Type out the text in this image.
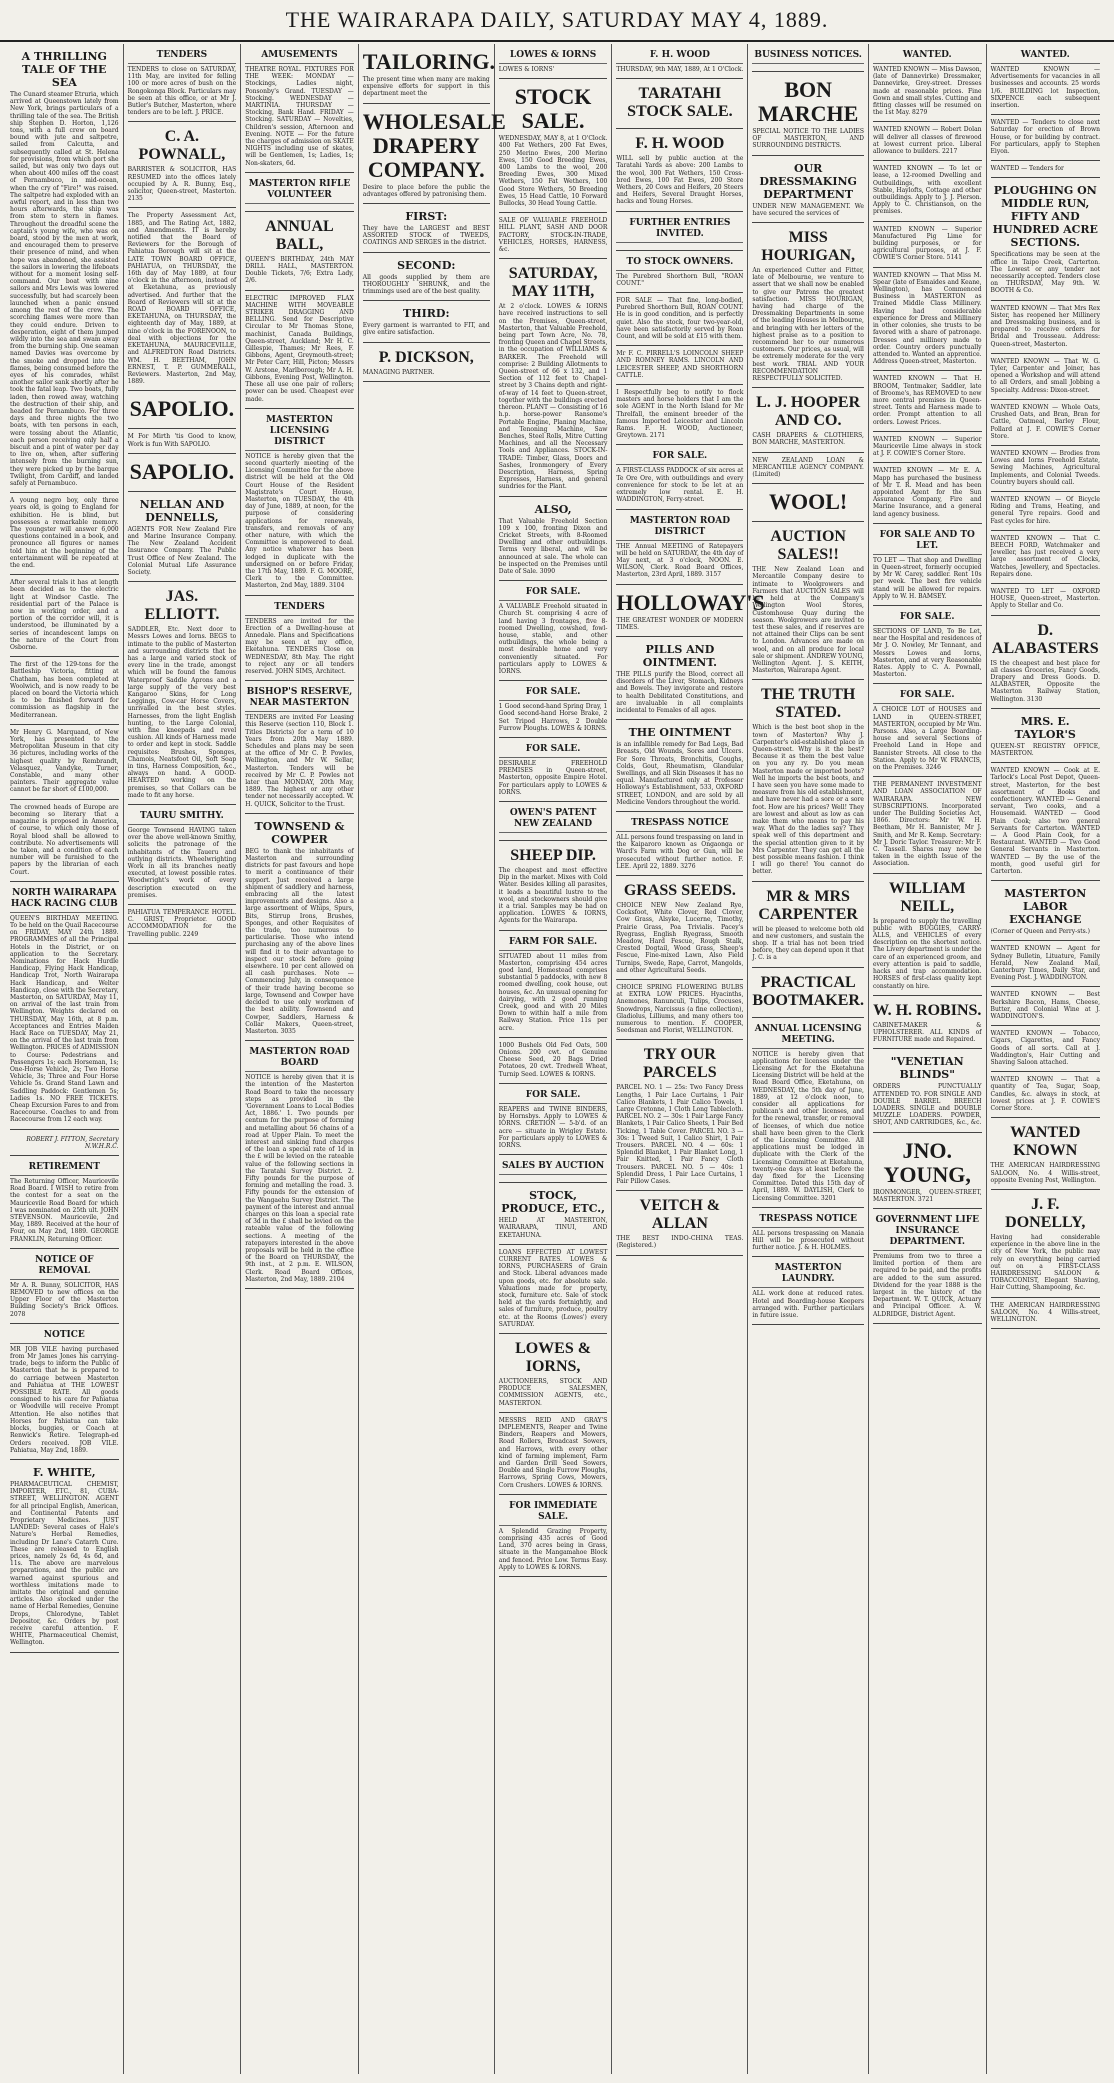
THE WAIRARAPA DAILY, SATURDAY MAY 4, 1889.
A THRILLING TALE OF THE SEA
The Cunard steamer Etruria, which arrived at Queenstown lately from New York, brings particulars of a thrilling tale of the sea. The British ship Stephen D. Horton, 1,126 tons, with a full crew on board bound with jute and saltpetre, sailed from Calcutta, and subsequently called at St. Helena for provisions, from which port she sailed, but was only two days out when about 400 miles off the coast of Pernambuco, in mid-ocean, when the cry of "Fire!" was raised. The saltpetre had exploded with an awful report, and in less than two hours afterwards, the ship was from stem to stern in flames. Throughout the dreadful scene the captain's young wife, who was on board, stood by the men at work, and encouraged them to preserve their presence of mind, and when hope was abandoned, she assisted the sailors in lowering the lifeboats without for a moment losing self-command. Our boat with nine sailors and Mrs Lewis was lowered successfully, but had scarcely been launched when a panic ensued among the rest of the crew. The scorching flames were more than they could endure. Driven to desperation, eight of them jumped wildly into the sea and swam away from the burning ship. One seaman named Davies was overcome by the smoke and dropped into the flames, being consumed before the eyes of his comrades, whilst another sailor sank shortly after he took the fatal leap. Two boats, fully laden, then rowed away, watching the destruction of their ship, and headed for Pernambuco. For three days and three nights the two boats, with ten persons in each, were tossing about the Atlantic, each person receiving only half a biscuit and a pint of water per day to live on, when, after suffering intensely from the burning sun, they were picked up by the barque Twilight, from Cardiff, and landed safely at Pernambuco.
A young negro boy, only three years old, is going to England for exhibition. He is blind, but possesses a remarkable memory. The youngster will answer 6,000 questions contained in a book, and pronounce all figures or names told him at the beginning of the entertainment will be repeated at the end.
After several trials it has at length been decided as to the electric light at Windsor Castle. The residential part of the Palace is now in working order, and a portion of the corridor will, it is understood, be illuminated by a series of incandescent lamps on the nature of the Court from Osborne.
The first of the 129-tons for the Battleship Victoria, fitting at Chatham, has been completed at Woolwich, and is now ready to be placed on board the Victoria which is to be finished forward for commission as flagship in the Mediterranean.
Mr Henry G. Marquand, of New York, has presented to the Metropolitan Museum in that city 36 pictures, including works of the highest quality by Rembrandt, Velasquez, Vandyke, Turner, Constable, and many other painters. Their aggregate value cannot be far short of £100,000.
The crowned heads of Europe are becoming so literary that a magazine is proposed in America, of course, to which only those of Royal blood shall be allowed to contribute. No advertisements will be taken, and a condition of each number will be furnished to the papers by the librarian of each Court.
NORTH WAIRARAPA HACK RACING CLUB
QUEEN'S BIRTHDAY MEETING. To be held on the Quail Racecourse on FRIDAY, MAY 24th 1889. PROGRAMMES of all the Principal Hotels in the District, or on application to the Secretary. Nominations for Hack Hurdle Handicap, Flying Hack Handicap, Handicap Trot, North Wairarapa Hack Handicap, and Welter Handicap, close with the Secretary, Masterton, on SATURDAY, May 11, on arrival of the last train from Wellington. Weights declared on THURSDAY, May 16th, at 8 p.m. Acceptances and Entries Maiden Hack Race on TUESDAY, May 21, on the arrival of the last train from Wellington. PRICES of ADMISSION to Course: Pedestrians and Passengers 1s; each Horseman, 1s; One-Horse Vehicle, 2s; Two Horse Vehicle, 3s; Three and Four Horse Vehicle 5s. Grand Stand Lawn and Saddling Paddock: Gentlemen 5s; Ladies 1s. NO FREE TICKETS. Cheap Excursion Fares to and from Racecourse. Coaches to and from Racecourse from 12 each way.
ROBERT J. FITTON, Secretary N.W.H.R.C.
RETIREMENT
The Returning Officer, Mauricevile Road Board. I WISH to retire from the contest for a seat on the Mauricevile Road Board for which I was nominated on 25th ult. JOHN STEVENSON. Mauricevile, 2nd May, 1889. Received at the hour of Four, on May 2nd, 1889. GEORGE FRANKLIN, Returning Officer.
NOTICE OF REMOVAL
Mr A. R. Bunny, SOLICITOR, HAS REMOVED to new offices on the Upper Floor of the Masterton Building Society's Brick Offices. 2078
NOTICE
MR JOB VILE having purchased from Mr James Jones his carrying-trade, begs to inform the Public of Masterton that he is prepared to do carriage between Masterton and Pahiatua at THE LOWEST POSSIBLE RATE. All goods consigned to his care for Pahiatua or Woodville will receive Prompt Attention. He also notifies that Horses for Pahiatua can take blocks, buggies, or Coach at Renwick's Retire. Telegraph-ed Orders received. JOB VILE. Pahiatua, May 2nd, 1889.
F. WHITE,
PHARMACEUTICAL CHEMIST, IMPORTER, ETC., 81, CUBA-STREET, WELLINGTON. AGENT for all principal English, American, and Continental Patents and Proprietary Medicines. JUST LANDED: Several cases of Hale's Nature's Herbal Remedies, including Dr Lane's Catarrh Cure. These are released to English prices, namely 2s 6d, 4s 6d, and 11s. The above are marvelous preparations, and the public are warned against spurious and worthless imitations made to imitate the original and genuine articles. Also stocked under the name of Herbal Remedies, Genuine Drops, Chlorodyne, Tablet Depositor, &c. Orders by post receive careful attention. F. WHITE, Pharmaceutical Chemist, Wellington.
TENDERS
TENDERS to close on SATURDAY, 11th May, are invited for felling 100 or more acres of bush on the Rongokonga Block. Particulars may be seen at this office, or at Mr J. Butler's Butcher, Masterton, where tenders are to be left. J. PRICE.
C. A. POWNALL,
BARRISTER & SOLICITOR, HAS RESUMED into the offices lately occupied by A. R. Bunny, Esq., solicitor, Queen-street, Masterton. 2135
The Property Assessment Act, 1885, and The Rating Act, 1882, and Amendments. IT is hereby notified that the Board of Reviewers for the Borough of Pahiatua Borough will sit at the LATE TOWN BOARD OFFICE, PAHIATUA, on THURSDAY, the 16th day of May 1889, at four o'clock in the afternoon, instead of at Eketahuna, as previously advertised. And further that the Board of Reviewers will sit at the ROAD BOARD OFFICE, EKETAHUNA, on THURSDAY, the eighteenth day of May, 1889, at nine o'clock in the FORENOON, to deal with objections for the EKETAHUNA, MAURICEVILLE, and ALFREDTON Road Districts. WM. H. BEETHAM, JOHN ERNEST, T. P. GUMMERALL, Reviewers. Masterton, 2nd May, 1889.
SAPOLIO.
M For Mirth 'tis Good to know, Work is fun With SAPOLIO.
SAPOLIO.
NELLAN AND DENNELLS,
AGENTS FOR New Zealand Fire and Marine Insurance Company. The New Zealand Accident Insurance Company. The Public Trust Office of New Zealand. The Colonial Mutual Life Assurance Society.
JAS. ELLIOTT.
SADDLER, Etc. Next door to Messrs Lowes and Iorns. BEGS to intimate to the public of Masterton and surrounding districts that he has a large and varied stock of every line in the trade, amongst which will be found the famous Waterproof Saddle Aprons and a large supply of the very best Kangaroo Skins, for Long Leggings, Cow-car Horse Covers, unrivalled in the best styles. Harnesses, from the light English hunting, to the Large Colonial, with fine kneepads and revel cushion. All kinds of Harness made to order and kept in stock. Saddle requisites: Brushes, Sponges, Chamois, Neatsfoot Oil, Soft Soap in tins, Harness Composition, &c., always on hand. A GOOD-HEARTED working on the premises, so that Collars can be made to fit any horse.
TAURU SMITHY.
George Townsend HAVING taken over the above well-known Smithy, solicits the patronage of the inhabitants of the Taueru and outlying districts. Wheelwrighting Work in all its branches neatly executed, at lowest possible rates. Woodwright's work of every description executed on the premises.
PAHIATUA TEMPERANCE HOTEL. C. GRIST, Proprietor. GOOD ACCOMMODATION for the Travelling public. 2249
AMUSEMENTS
THEATRE ROYAL. FIXTURES FOR THE WEEK: MONDAY — Stockings, Ladies night, Ponsonby's Grand. TUESDAY — Stocking. WEDNESDAY — MARTINIA. THURSDAY — Stocking, Bank Hand. FRIDAY — Stocking. SATURDAY — Novelties, Children's session, Afternoon and Evening. NOTE — For the future the charges of admission on SKATE NIGHTS including use of skates, will be Gentlemen, 1s; Ladies, 1s; Non-skaters, 6d.
MASTERTON RIFLE VOLUNTEER
ANNUAL BALL,
QUEEN'S BIRTHDAY, 24th MAY DRILL HALL, MASTERTON. Double Tickets, 7/6; Extra Lady, 2/6.
ELECTRIC IMPROVED FLAX MACHINE WITH MOVEABLE STRIKER DRAGGING AND BELLING. Send for Descriptive Circular to Mr Thomas Stone, machinist, Canada Buildings, Queen-street, Auckland; Mr H. C. Gillespie, Thames; Mr Rees, F. Gibbons, Agent, Greymouth-street; Mr Peter Carr, Hill, Picton; Messrs W. Arstone, Marlborough; Mr A. H. Gibbons, Evening Post, Wellington. These all use one pair of rollers; power can be used. Cheapest ever made.
MASTERTON LICENSING DISTRICT
NOTICE is hereby given that the second quarterly meeting of the Licensing Committee for the above district will be held at the Old Court House of the Resident Magistrate's Court House, Masterton, on TUESDAY, the 4th day of June, 1889, at noon, for the purpose of considering applications for renewals, transfers, and removals of any other nature, with which the Committee is empowered to deal. Any notice whatever has been lodged in duplicate with the undersigned on or before Friday, the 17th May, 1889. F. G. MOORE, Clerk to the Committee. Masterton, 2nd May, 1889. 3104
TENDERS
TENDERS are invited for the Erection of a Dwelling-house at Annedale. Plans and Specifications may be seen at my office, Eketahuna. TENDERS Close on WEDNESDAY, 8th May. The right to reject any or all tenders reserved. JOHN SIMS, Architect.
BISHOP'S RESERVE, NEAR MASTERTON
TENDERS are invited For Leasing this Reserve (section 110, Block 1. Titles Districts) for a term of 10 Years from 20th May 1889. Schedules and plans may be seen at the office of Mr C. P. Powles, Wellington, and Mr W. Sellar, Masterton. Tenders will be received by Mr C. P. Powles not later than MONDAY, 20th May, 1889. The highest or any other tender not necessarily accepted. W. H. QUICK, Solicitor to the Trust.
TOWNSEND & COWPER
BEG to thank the inhabitants of Masterton and surrounding districts for past favours and hope to merit a continuance of their support. Just received a large shipment of saddlery and harness, embracing all the latest improvements and designs. Also a large assortment of Whips, Spurs, Bits, Stirrup Irons, Brushes, Sponges, and other Requisites of the trade, too numerous to particularise. Those who intend purchasing any of the above lines will find it to their advantage to inspect our stock before going elsewhere. 10 per cent allowed on all cash purchases. Note — Commencing July, in consequence of their trade having become so large, Townsend and Cowper have decided to use only workmen of the best ability. Townsend and Cowper, Saddlers, Harness & Collar Makers, Queen-street, Masterton. 3035
MASTERTON ROAD BOARD
NOTICE is hereby given that it is the intention of the Masterton Road Board to take the necessary steps as provided in the 'Government Loans to Local Bodies Act, 1886.' 1. Two pounds per centum for the purpose of forming and metalling about 56 chains of a road at Upper Plain. To meet the interest and sinking fund charges of the loan a special rate of 1d in the £ will be levied on the rateable value of the following sections in the Taratahi Survey District. 2. Fifty pounds for the purpose of forming and metalling the road. 3. Fifty pounds for the extension of the Wangaehu Survey District. The payment of the interest and annual charges on this loan a special rate of 3d in the £ shall be levied on the rateable value of the following sections. A meeting of the ratepayers interested in the above proposals will be held in the office of the Board on THURSDAY, the 9th inst., at 2 p.m. E. WILSON, Clerk. Road Board Offices, Masterton, 2nd May, 1889. 2104
TAILORING.
The present time when many are making expensive efforts for support in this department meet the
WHOLESALE DRAPERY COMPANY.
Desire to place before the public the advantages offered by patronising them.
FIRST:
They have the LARGEST and BEST ASSORTED STOCK of TWEEDS, COATINGS AND SERGES in the district.
SECOND:
All goods supplied by them are THOROUGHLY SHRUNK, and the trimmings used are of the best quality.
THIRD:
Every garment is warranted to FIT, and give entire satisfaction.
P. DICKSON,
MANAGING PARTNER.
LOWES & IORNS
LOWES & IORNS'
STOCK SALE.
WEDNESDAY, MAY 8, at 1 O'Clock. 400 Fat Wethers, 200 Fat Ewes, 250 Merino Ewes, 200 Merino Ewes, 150 Good Breeding Ewes, 400 Lambs to the wool, 200 Breeding Ewes, 300 Mixed Wethers, 150 Fat Wethers, 100 Good Store Wethers, 50 Breeding Ewes, 15 Head Cattle, 10 Forward Bullocks, 30 Head Young Cattle.
SALE OF VALUABLE FREEHOLD HILL PLANT, SASH AND DOOR FACTORY, STOCK-IN-TRADE, VEHICLES, HORSES, HARNESS, &c.
SATURDAY, MAY 11TH,
At 2 o'clock. LOWES & IORNS have received instructions to sell on the Premises, Queen-street, Masterton, that Valuable Freehold, being part Town Acre, No. 78, fronting Queen and Chapel Streets, in the occupation of WILLIAMS & BARKER. The Freehold will comprise: 2 Building Allotments to Queen-street of 66 x 132, and 1 Section of 112 feet to Chapel-street by 3 Chains depth and right-of-way of 14 feet to Queen-street, together with the buildings erected thereon. PLANT — Consisting of 16 h.p. horse-power Ransome's Portable Engine, Planing Machine, and Tenoning Machine, Saw Benches, Steel Rolls, Mitre Cutting Machines, and all the Necessary Tools and Appliances. STOCK-IN-TRADE: Timber, Glass, Doors and Sashes, Ironmongery of Every Description, Harness, Spring Expresses, Harness, and general sundries for the Plant.
ALSO,
That Valuable Freehold Section 109 x 100, fronting Dixon and Cricket Streets, with 8-Roomed Dwelling and other outbuildings. Terms very liberal, and will be announced at sale. The whole can be inspected on the Premises until Date of Sale. 3090
FOR SALE.
A VALUABLE Freehold situated in Church St. comprising 4 acre of land having 3 frontages, five 8-roomed Dwelling, cowshed, fowl-house, stable, and other outbuildings, the whole being a most desirable home and very conveniently situated. For particulars apply to LOWES & IORNS.
FOR SALE.
1 Good second-hand Spring Dray, 1 Good second-hand Horse Brake, 2 Set Tripod Harrows, 2 Double Furrow Ploughs. LOWES & IORNS.
FOR SALE.
DESIRABLE FREEHOLD PREMISES in Queen-street, Masterton, opposite Empire Hotel. For particulars apply to LOWES & IORNS.
OWEN'S PATENT NEW ZEALAND
SHEEP DIP.
The cheapest and most effective Dip in the market. Mixes with Cold Water. Besides killing all parasites, it leads a beautiful lustre to the wool, and stockowners should give it a trial. Samples may be had on application. LOWES & IORNS, Agents for the Wairarapa.
FARM FOR SALE.
SITUATED about 11 miles from Masterton, comprising 454 acres good land, Homestead comprises substantial 5 paddocks, with new 8 roomed dwelling, cook house, out houses, &c. An unusual opening for dairying, with 2 good running Creek, good and with 20 Miles Down to within half a mile from Railway Station. Price 11s per acre.
1000 Bushels Old Fed Oats, 500 Onions. 200 cwt. of Genuine Cheese Seed, 20 Bags Dried Potatoes, 20 cwt. Tredwell Wheat, Turnip Seed. LOWES & IORNS.
FOR SALE.
REAPERS and TWINE BINDERS, by Hornsbys. Apply to LOWES & IORNS. CRETION — 5-b'd. of an acre — situate in Wrigley Estate. For particulars apply to LOWES & IORNS.
SALES BY AUCTION
STOCK, PRODUCE, ETC.,
HELD AT MASTERTON, WAIRARAPA, TINUI, AND EKETAHUNA.
LOANS EFFECTED AT LOWEST CURRENT RATES. LOWES & IORNS, PURCHASERS of Grain and Stock. Liberal advances made upon goods, etc. for absolute sale. Valuations made for property, stock, furniture etc. Sale of stock held at the yards fortnightly, and sales of furniture, produce, poultry etc. at the Rooms (Lowes') every SATURDAY.
LOWES & IORNS,
AUCTIONEERS, STOCK AND PRODUCE SALESMEN, COMMISSION AGENTS, etc., MASTERTON.
MESSRS REID AND GRAY'S IMPLEMENTS, Reaper and Twine Binders, Reapers and Mowers, Road Rollers, Broadcast Sowers, and Harrows, with every other kind of farming implement, Farm and Garden Drill Seed Sowers, Double and Single Furrow Ploughs, Harrows, Spring Cows, Mowers, Corn Crushers. LOWES & IORNS.
FOR IMMEDIATE SALE.
A Splendid Grazing Property, comprising 435 acres of Good Land, 370 acres being in Grass, situate in the Mangamahoe Block and fenced. Price Low. Terms Easy. Apply to LOWES & IORNS.
F. H. WOOD
THURSDAY, 9th MAY, 1889, At 1 O'Clock.
TARATAHI STOCK SALE.
F. H. WOOD
WILL sell by public auction at the Taratahi Yards as above: 200 Lambs to the wool, 300 Fat Wethers, 150 Cross-bred Ewes, 100 Fat Ewes, 200 Store Wethers, 20 Cows and Heifers, 20 Steers and Heifers, Several Draught Horses, hacks and Young Horses.
FURTHER ENTRIES INVITED.
TO STOCK OWNERS.
The Purebred Shorthorn Bull, "ROAN COUNT."
FOR SALE — That fine, long-bodied, Purebred Shorthorn Bull, ROAN COUNT. He is in good condition, and is perfectly quiet. Also the stock, four two-year-old, have been satisfactorily served by Roan Count, and will be sold at £15 with them.
Mr F. C. PIRRELL'S LOINCOLN SHEEP AND ROMNEY RAMS. LINCOLN AND LEICESTER SHEEP, AND SHORTHORN CATTLE.
I Respectfully beg to notify to flock masters and horse holders that I am the sole AGENT in the North Island for Mr Threlfall, the eminent breeder of the famous Imported Leicester and Lincoln Rams. F. H. WOOD, Auctioneer, Greytown. 2171
FOR SALE.
A FIRST-CLASS PADDOCK of six acres at Te Ore Ore, with outbuildings and every convenience for stock to be let at an extremely low rental. E. H. WADDINGTON, Ferry-street.
MASTERTON ROAD DISTRICT
THE Annual MEETING of Ratepayers will be held on SATURDAY, the 4th day of May next, at 3 o'clock, NOON. E. WILSON, Clerk. Road Board Offices, Masterton, 23rd April, 1889. 3157
HOLLOWAY'S
THE GREATEST WONDER OF MODERN TIMES.
PILLS AND OINTMENT.
THE PILLS purify the Blood, correct all disorders of the Liver, Stomach, Kidneys and Bowels. They invigorate and restore to health Debilitated Constitutions, and are invaluable in all complaints incidental to Females of all ages.
THE OINTMENT
is an infallible remedy for Bad Legs, Bad Breasts, Old Wounds, Sores and Ulcers. For Sore Throats, Bronchitis, Coughs, Colds, Gout, Rheumatism, Glandular Swellings, and all Skin Diseases it has no equal. Manufactured only at Professor Holloway's Establishment, 533, OXFORD STREET, LONDON, and are sold by all Medicine Vendors throughout the world.
TRESPASS NOTICE
ALL persons found trespassing on land in the Kaiparoro known as Ongaonga or Ward's Farm with Dog or Gun, will be prosecuted without further notice. F. LEE. April 22, 1889. 3276
GRASS SEEDS.
CHOICE NEW New Zealand Rye, Cocksfoot, White Clover, Red Clover, Cow Grass, Alsyke, Lucerne, Timothy, Prairie Grass, Poa Trivialis. Pacey's Ryegrass, English Ryegrass, Smooth Meadow, Hard Fescue, Rough Stalk, Crested Dogtail, Wood Grass, Sheep's Fescue, Fine-mixed Lawn, Also Field Turnips, Swede, Rape, Carrot, Mangolds, and other Agricultural Seeds.
CHOICE SPRING FLOWERING BULBS at EXTRA LOW PRICES. Hyacinths, Anemones, Ranunculi, Tulips, Crocuses, Snowdrops, Narcissus (a fine collection), Gladiolus, Lilliums, and many others too numerous to mention. F. COOPER, Seedsman and Florist, WELLINGTON.
TRY OUR PARCELS
PARCEL NO. 1 — 25s: Two Fancy Dress Lengths, 1 Pair Lace Curtains, 1 Pair Calico Blankets, 1 Pair Calico Towels, 1 Large Cretonne, 1 Cloth Long Tablecloth. PARCEL NO. 2 — 30s: 1 Pair Large Fancy Blankets, 1 Pair Calico Sheets, 1 Pair Bed Ticking, 1 Table Cover. PARCEL NO. 3 — 30s: 1 Tweed Suit, 1 Calico Shirt, 1 Pair Trousers. PARCEL NO. 4 — 60s: 1 Splendid Blanket, 1 Pair Blanket Long, 1 Pair Knitted, 1 Pair Fancy Cloth Trousers. PARCEL NO. 5 — 40s: 1 Splendid Dress, 1 Pair Lace Curtains, 1 Pair Pillow Cases.
VEITCH & ALLAN
THE BEST INDO-CHINA TEAS. (Registered.)
BUSINESS NOTICES.
BON MARCHE
SPECIAL NOTICE TO THE LADIES OF MASTERTON, AND SURROUNDING DISTRICTS.
OUR DRESSMAKING DEPARTMENT
UNDER NEW MANAGEMENT. We have secured the services of
MISS HOURIGAN,
An experienced Cutter and Fitter, late of Melbourne, we venture to assert that we shall now be enabled to give our Patrons the greatest satisfaction. MISS HOURIGAN, having had charge of the Dressmaking Departments in some of the leading Houses in Melbourne, and bringing with her letters of the highest praise as to a position to recommend her to our numerous customers. Our prices, as usual, will be extremely moderate for the very best work. TRIAL AND YOUR RECOMMENDATION RESPECTFULLY SOLICITED.
L. J. HOOPER AND CO.
CASH DRAPERS & CLOTHIERS, BON MARCHE, MASTERTON.
NEW ZEALAND LOAN & MERCANTILE AGENCY COMPANY. (Limited)
WOOL!
AUCTION SALES!!
THE New Zealand Loan and Mercantile Company desire to intimate to Woolgrowers and Farmers that AUCTION SALES will be held at the Company's Wellington Wool Stores, Customhouse Quay during the season. Woolgrowers are invited to test these sales, and if reserves are not attained their Clips can be sent to London. Advances are made on wool, and on all produce for local sale or shipment. ANDREW YOUNG, Wellington Agent. J. S. KEITH, Masterton, Wairarapa Agent.
THE TRUTH STATED.
Which is the best boot shop in the town of Masterton? Why J. Carpenter's old-established place in Queen-street. Why is it the best? Because it as them the best value on you any ry. Do you mean Masterton made or imported boots? Well he imports the best boots, and I have seen you have some made to measure from his old establishment, and have never had a sore or a sore foot. How are his prices? Well! They are lowest and about as low as can make them who means to pay his way. What do the ladies say? They speak well of this department and the special attention given to it by Mrs Carpenter. They can get all the best possible means fashion. I think I will go there! You cannot do better.
MR & MRS CARPENTER
will be pleased to welcome both old and new customers, and sustain the shop. If a trial has not been tried before, they can depend upon it that J. C. is a
PRACTICAL BOOTMAKER.
ANNUAL LICENSING MEETING.
NOTICE is hereby given that applications for licenses under the Licensing Act for the Eketahuna Licensing District will be held at the Road Board Office, Eketahuna, on WEDNESDAY, the 5th day of June, 1889, at 12 o'clock noon, to consider all applications for publican's and other licenses, and for the renewal, transfer, or removal of licenses, of which due notice shall have been given to the Clerk of the Licensing Committee. All applications must be lodged in duplicate with the Clerk of the Licensing Committee at Eketahuna, twenty-one days at least before the day fixed for the Licensing Committee. Dated this 15th day of April, 1889. W. DAYLISH, Clerk to Licensing Committee. 3201
TRESPASS NOTICE
ALL persons trespassing on Manaia Hill will be prosecuted without further notice. J. & H. HOLMES.
MASTERTON LAUNDRY.
ALL work done at reduced rates. Hotel and Boarding-house Keepers arranged with. Further particulars in future issue.
WANTED.
WANTED KNOWN — Miss Dawson, (late of Dannevirke) Dressmaker, Dannevirke, Grey-street. Dresses made at reasonable prices. Fine Gown and small styles. Cutting and fitting classes will be resumed on the 1st May. 8279
WANTED KNOWN — Robert Dolan will deliver all classes of firewood at lowest current price. Liberal allowance to builders. 2217
WANTED KNOWN — To let or lease, a 12-roomed Dwelling and Outbuildings, with excellent Stable, Haylofts, Cottage and other outbuildings. Apply to J. J. Pierson. Apply to C. Christianson, on the premises.
WANTED KNOWN — Superior Manufactured Pig Lime for building purposes, or for agricultural purposes, at J. F. COWIE'S Corner Store. 5141
WANTED KNOWN — That Miss M. Spear (late of Esmaides and Keane, Wellington), has Commenced Business in MASTERTON as Trained Middle Class Millinery. Having had considerable experience for Dress and Millinery in other colonies, she trusts to be favored with a share of patronage. Dresses and millinery made to order. Country orders punctually attended to. Wanted an apprentice. Address Queen-street, Masterton.
WANTED KNOWN — That H. BROOM, Tentmaker, Saddler, late of Broome's, has REMOVED to new more central premises in Queen-street. Tents and Harness made to order. Prompt attention to all orders. Lowest Prices.
WANTED KNOWN — Superior Mauricevile Lime always in stock at J. F. COWIE'S Corner Store.
WANTED KNOWN — Mr E. A. Mapp has purchased the business of Mr T. R. Mead and has been appointed Agent for the Sun Assurance Company, Fire and Marine Insurance, and a general land agency business.
FOR SALE AND TO LET.
TO LET — That shop and Dwelling in Queen-street, formerly occupied by Mr W. Carey, saddler. Rent 10s per week. The best fire vehicle stand will be allowed for repairs. Apply to W. H. BAMSEY.
FOR SALE.
SECTIONS OF LAND, To Be Let, near the Hospital and residences of Mr J. O. Nowley, Mr Tennant, and Messrs Lowes and Iorns, Masterton, and at very Reasonable Rates. Apply to C. A. Pownall, Masterton.
FOR SALE.
A CHOICE LOT of HOUSES and LAND in QUEEN-STREET, MASTERTON, occupied by Mr Wm. Parsons. Also, a Large Boarding-house and several Sections of Freehold Land in Hope and Bannister Streets. All close to the Station. Apply to Mr W. FRANCIS, on the Premises. 3246
THE PERMANENT INVESTMENT AND LOAN ASSOCIATION OF WAIRARAPA. NEW SUBSCRIPTIONS. Incorporated under The Building Societies Act, 1866. Directors: Mr W. H. Beetham, Mr H. Bannister, Mr J. Smith, and Mr R. Kemp. Secretary: Mr J. Doric Taylor. Treasurer: Mr F. C. Tassell. Shares may now be taken in the eighth Issue of the Association.
WILLIAM NEILL,
Is prepared to supply the travelling public with BUGGIES, CARRY-ALLS, and VEHICLES of every description on the shortest notice. The Livery department is under the care of an experienced groom, and every attention is paid to saddle, hacks and trap accommodation. HORSES of first-class quality kept constantly on hire.
W. H. ROBINS.
CABINET-MAKER & UPHOLSTERER. ALL KINDS of FURNITURE made and Repaired.
"VENETIAN BLINDS"
ORDERS PUNCTUALLY ATTENDED TO. FOR SINGLE AND DOUBLE BARREL BREECH LOADERS. SINGLE and DOUBLE MUZZLE LOADERS. POWDER, SHOT, AND CARTRIDGES, &c., &c.
JNO. YOUNG,
IRONMONGER, QUEEN-STREET, MASTERTON. 3721
GOVERNMENT LIFE INSURANCE DEPARTMENT.
Premiums from two to three a limited portion of them are required to be paid, and the profits are added to the sum assured. Dividend for the year 1888 is the largest in the history of the Department. W. T. QUICK, Actuary and Principal Officer. A. W. ALDRIDGE, District Agent.
WANTED.
WANTED KNOWN — Advertisements for vacancies in all businesses and accounts. 25 words 1/6. BUILDING lot Inspection, SIXPENCE each subsequent insertion.
WANTED — Tenders to close next Saturday for erection of Brown House, or for building by contract. For particulars, apply to Stephen Eiyon.
WANTED — Tenders for
PLOUGHING ON MIDDLE RUN, FIFTY AND HUNDRED ACRE SECTIONS.
Specifications may be seen at the office in Taipo Creek, Carterton. The Lowest or any tender not necessarily accepted. Tenders close on THURSDAY, May 9th. W. BOOTH & Co.
WANTED KNOWN — That Mrs Rex Sister, has reopened her Millinery and Dressmaking business, and is prepared to receive orders for Bridal and Trousseau. Address: Queen-street, Masterton.
WANTED KNOWN — That W. G. Tyler, Carpenter and Joiner, has opened a Workshop and will attend to all Orders, and small Jobbing a Specialty. Address: Dixon-street.
WANTED KNOWN — Whole Oats, Crushed Oats, and Bran, Bran for Cattle, Oatmeal, Barley Flour, Pollard at J. F. COWIE'S Corner Store.
WANTED KNOWN — Brodies from Lowes and Iorns Freehold Estate, Sewing Machines, Agricultural Implements, and Colonial Tweeds. Country buyers should call.
WANTED KNOWN — Of Bicycle Riding and Trams, Heating, and general Tyre repairs. Good and Fast cycles for hire.
WANTED KNOWN — That C. BEECH FORD, Watchmaker and Jeweller, has just received a very large assortment of Clocks, Watches, Jewellery, and Spectacles. Repairs done.
WANTED TO LET — OXFORD HOUSE, Queen-street, Masterton. Apply to Stellar and Co.
D. ALABASTERS
IS the cheapest and best place for all classes Groceries, Fancy Goods, Drapery and Dress Goods. D. ALABASTER, Opposite the Masterton Railway Station, Wellington. 3130
MRS. E. TAYLOR'S
QUEEN-ST REGISTRY OFFICE, MASTERTON.
WANTED KNOWN — Cook at E. Tarlock's Local Post Depot, Queen-street, Masterton, for the best assortment of Books and confectionery. WANTED — General servant, Two cooks, and a Housemaid. WANTED — Good Plain Cook; also two general Servants for Carterton. WANTED — A Good Plain Cook, for a Restaurant. WANTED — Two Good General Servants in Masterton. WANTED — By the use of the month, good useful girl for Carterton.
MASTERTON LABOR EXCHANGE
(Corner of Queen and Perry-sts.)
WANTED KNOWN — Agent for Sydney Bulletin, Lituature, Family Herald, New Zealand Mail, Canterbury Times, Daily Star, and Evening Post. J. WADDINGTON.
WANTED KNOWN — Best Berkshire Bacon, Hams, Cheese, Butter, and Colonial Wine at J. WADDINGTON'S.
WANTED KNOWN — Tobacco, Cigars, Cigarettes, and Fancy Goods of all sorts. Call at J. Waddington's, Hair Cutting and Shaving Saloon attached.
WANTED KNOWN — That a quantity of Tea, Sugar, Soap, Candles, &c. always in stock, at lowest prices at J. F. COWIE'S Corner Store.
WANTED KNOWN
THE AMERICAN HAIRDRESSING SALOON, No. 4 Willis-street, opposite Evening Post, Wellington.
J. F. DONELLY,
Having had considerable experience in the above line in the city of New York, the public may rely on everything being carried out on a FIRST-CLASS HAIRDRESSING SALOON & TOBACCONIST, Elegant Shaving, Hair Cutting, Shampooing, &c.
THE AMERICAN HAIRDRESSING SALOON, No. 4 Willis-street, WELLINGTON.
